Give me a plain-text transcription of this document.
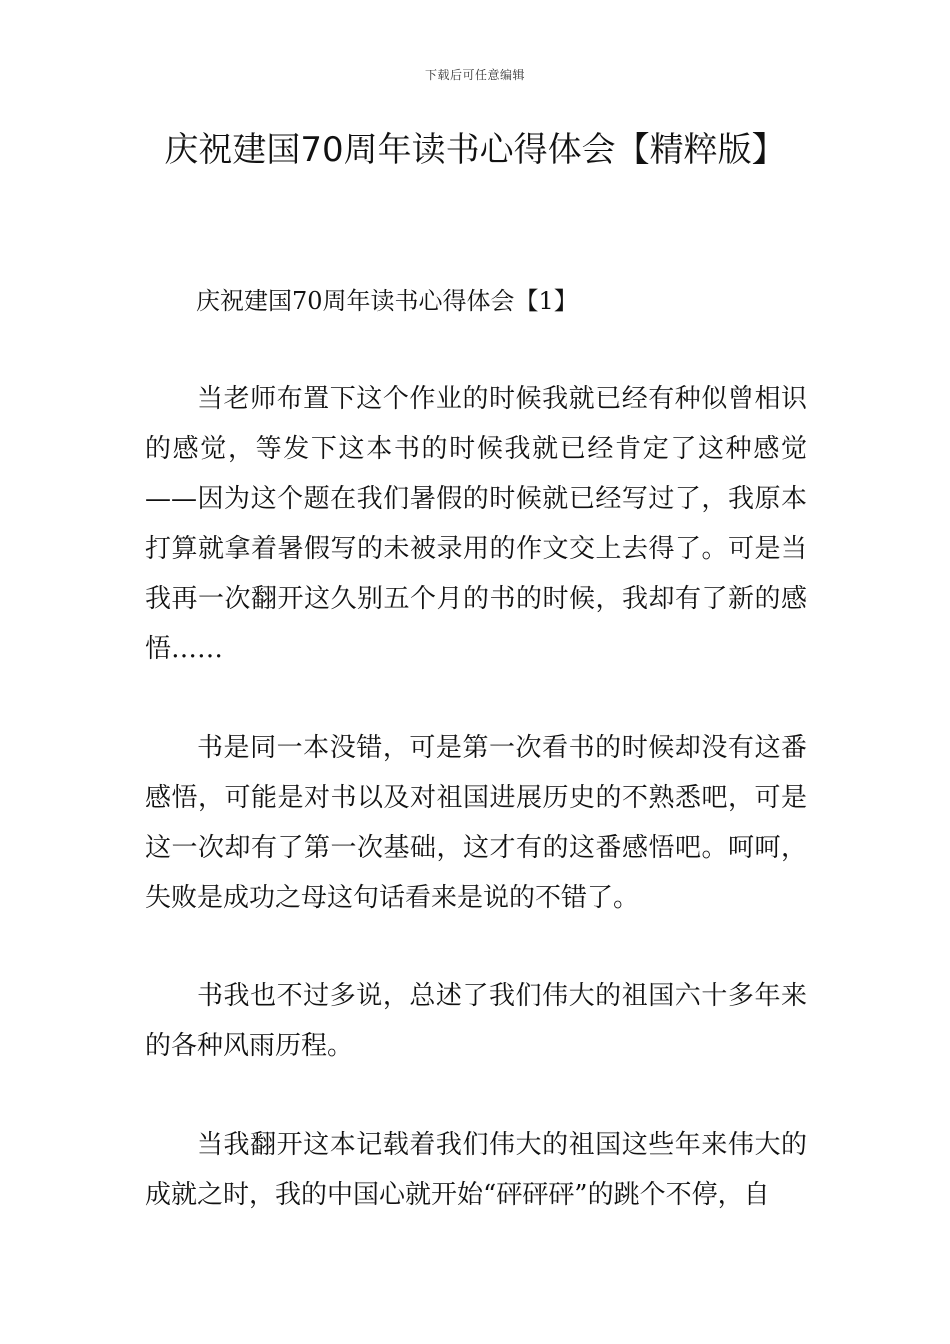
下载后可任意编辑
庆祝建国70周年读书心得体会【精粹版】
庆祝建国70周年读书心得体会【1】

当老师布置下这个作业的时候我就已经有种似曾相识的感觉，等发下这本书的时候我就已经肯定了这种感觉——因为这个题在我们暑假的时候就已经写过了，我原本打算就拿着暑假写的未被录用的作文交上去得了。可是当我再一次翻开这久别五个月的书的时候，我却有了新的感悟……

书是同一本没错，可是第一次看书的时候却没有这番感悟，可能是对书以及对祖国进展历史的不熟悉吧，可是这一次却有了第一次基础，这才有的这番感悟吧。呵呵，失败是成功之母这句话看来是说的不错了。

书我也不过多说，总述了我们伟大的祖国六十多年来的各种风雨历程。

当我翻开这本记载着我们伟大的祖国这些年来伟大的成就之时，我的中国心就开始“砰砰砰”的跳个不停，自
